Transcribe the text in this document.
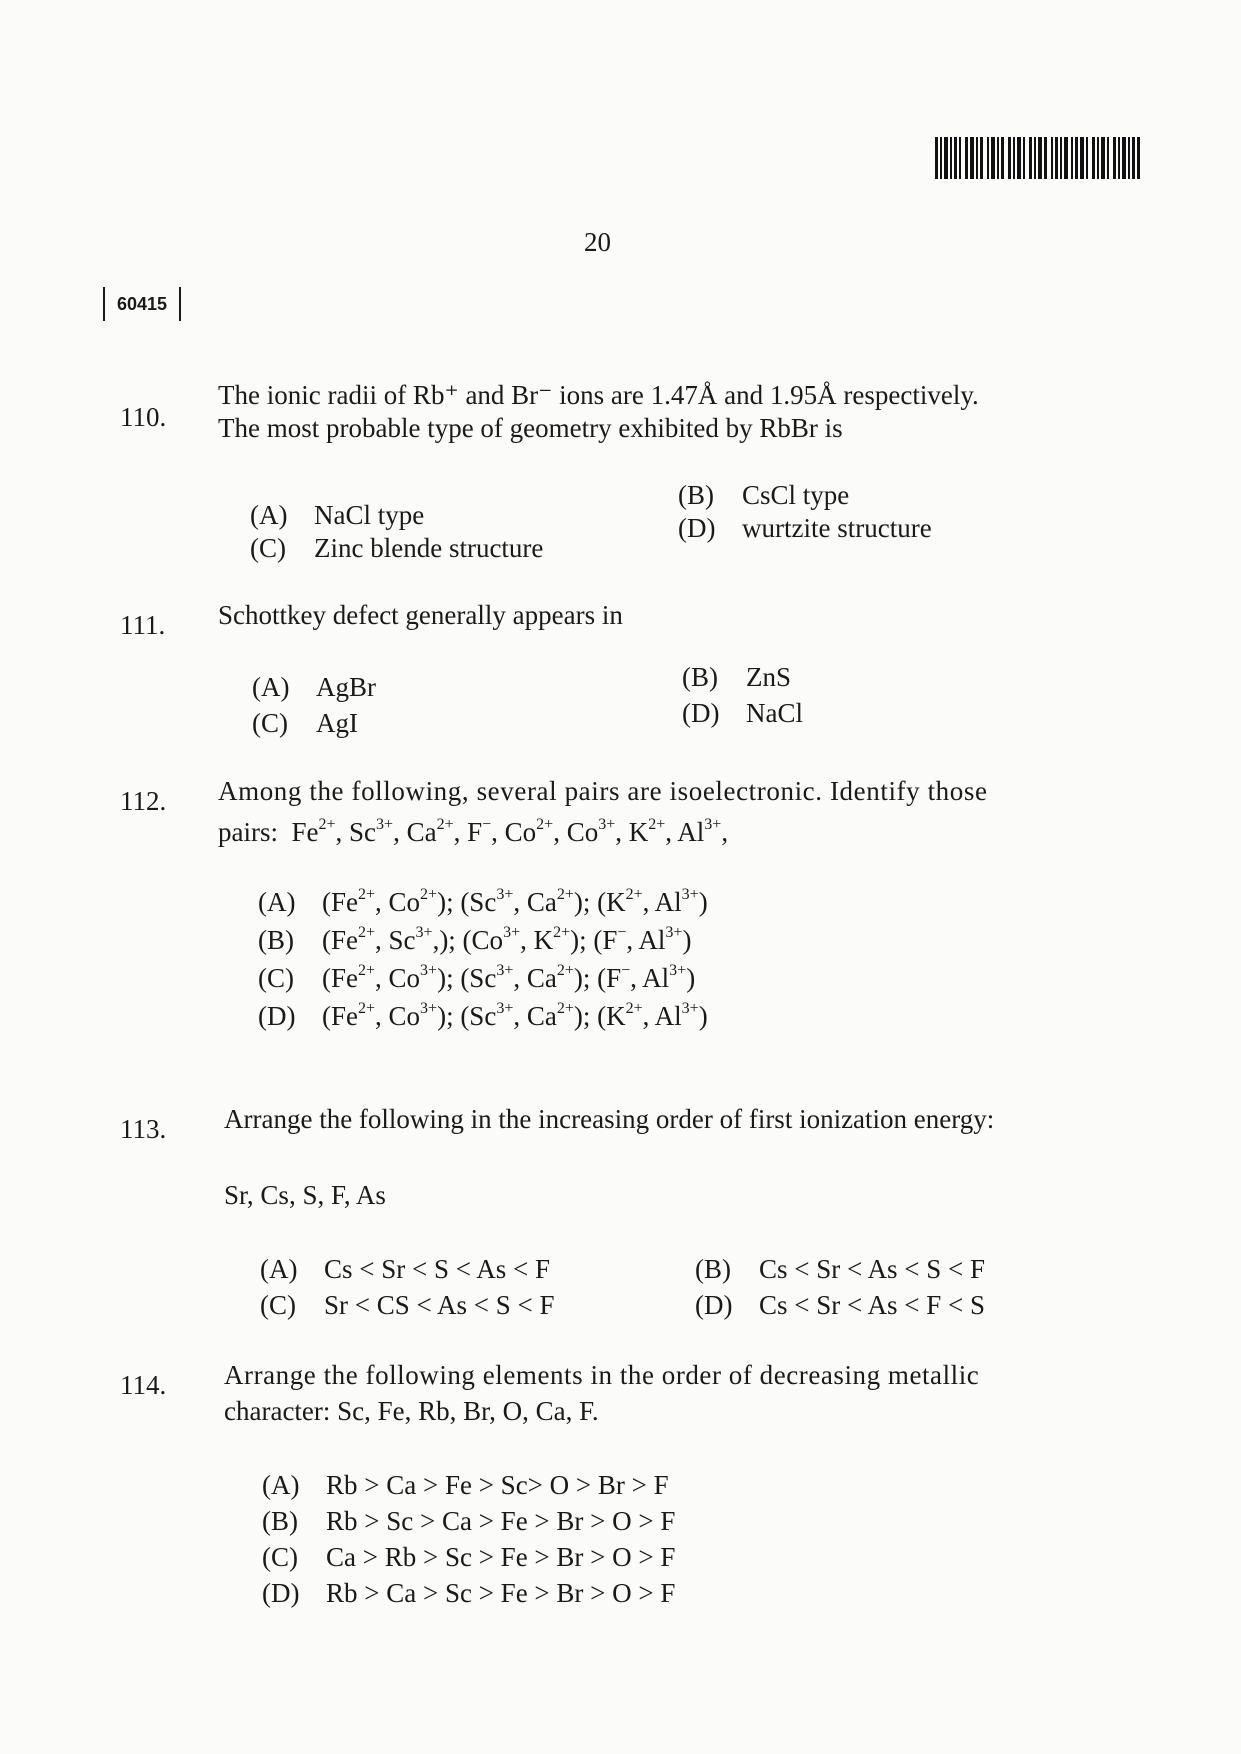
20
60415
110.
The ionic radii of Rb⁺ and Br⁻ ions are 1.47Å and 1.95Å respectively.
The most probable type of geometry exhibited by RbBr is
(A) NaCl type
(B) CsCl type
(C) Zinc blende structure
(D) wurtzite structure
111. Schottkey defect generally appears in
(A) AgBr	(B) ZnS
(C) AgI	(D) NaCl
112. Among the following, several pairs are isoelectronic. Identify those
pairs:  $Fe^{2+}$, $Sc^{3+}$, $Ca^{2+}$, F−, $Co^{2+}$, $Co^{3+}$, $K^{2+}$, $Al^{3+}$,
(A) ($Fe^{2+}$, $Co^{2+}$); ($Sc^{3+}$, $Ca^{2+}$); ($K^{2+}$, $Al^{3+}$)
(B) ($Fe^{2+}$, $Sc^{3+}$,); ($Co^{3+}$, $K^{2+}$); (F−, $Al^{3+}$)
(C) ($Fe^{2+}$, $Co^{3+}$); ($Sc^{3+}$, $Ca^{2+}$); (F−, $Al^{3+}$)
(D) ($Fe^{2+}$, $Co^{3+}$); ($Sc^{3+}$, $Ca^{2+}$); ($K^{2+}$, $Al^{3+}$)
113. Arrange the following in the increasing order of first ionization energy:
Sr, Cs, S, F, As
(A) Cs < Sr < S < As < F	(B) Cs < Sr < As < S < F
(C) Sr < CS < As < S < F	(D) Cs < Sr < As < F < S
114. Arrange the following elements in the order of decreasing metallic
character: Sc, Fe, Rb, Br, O, Ca, F.
(A) Rb > Ca > Fe > Sc> O > Br > F
(B) Rb > Sc > Ca > Fe > Br > O > F
(C) Ca > Rb > Sc > Fe > Br > O > F
(D) Rb > Ca > Sc > Fe > Br > O > F
